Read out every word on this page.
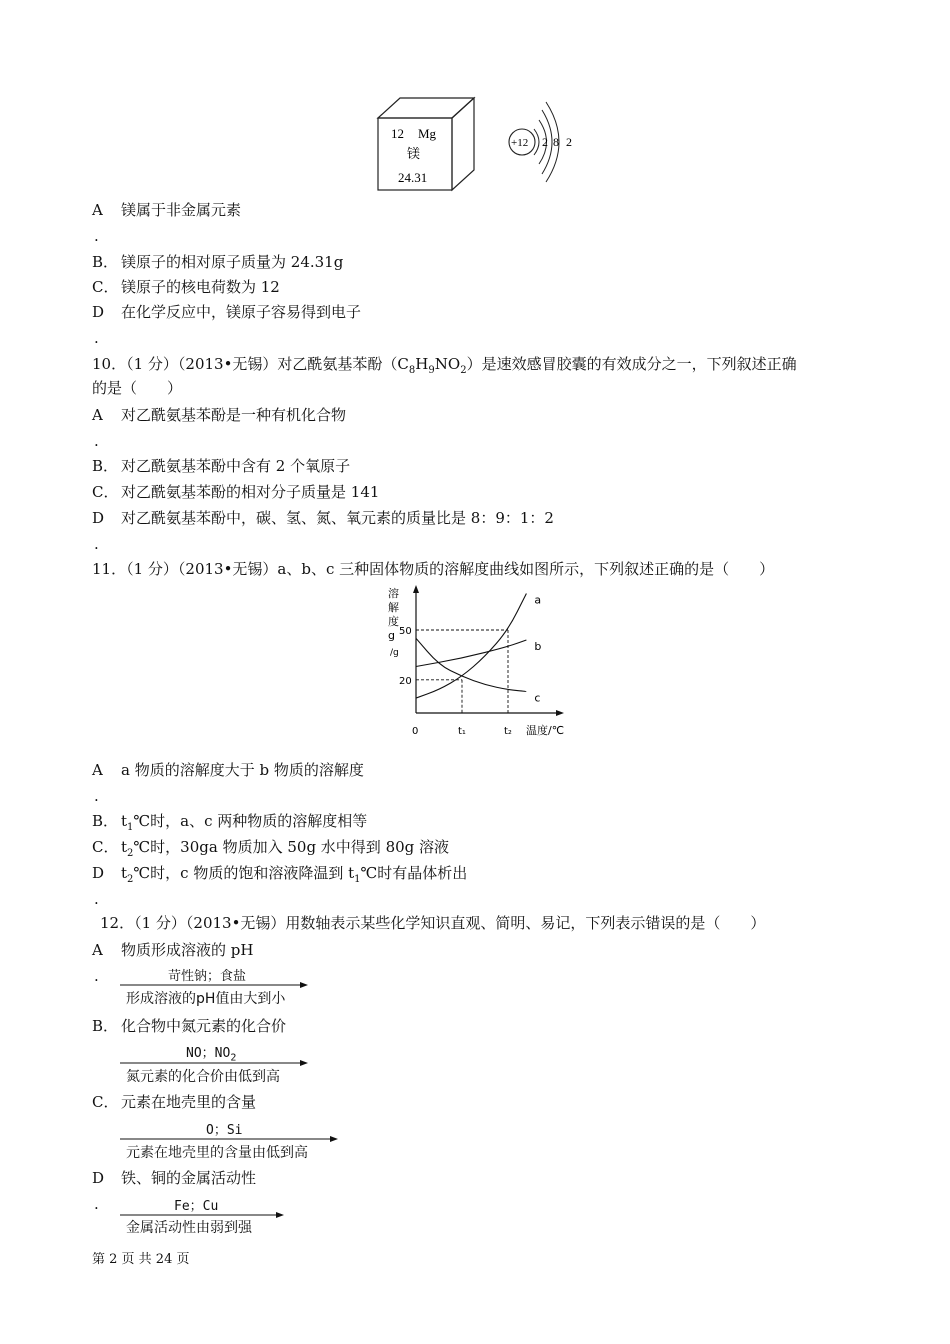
12 Mg
镁
24.31
+12 2 8 2
A 镁属于非金属元素
.
B． 镁原子的相对原子质量为 24.31g
C． 镁原子的核电荷数为 12
D 在化学反应中，镁原子容易得到电子
.
10．（1 分）（2013•无锡）对乙酰氨基苯酚$(C_8H_9NO_2)$是速效感冒胶囊的有效成分之一，下列叙述正确
的是（　　）
A 对乙酰氨基苯酚是一种有机化合物
.
B． 对乙酰氨基苯酚中含有 2 个氧原子
C． 对乙酰氨基苯酚的相对分子质量是 141
D 对乙酰氨基苯酚中，碳、氢、氮、氧元素的质量比是 8：9：1：2
.
11．（1 分）（2013•无锡）a、b、c 三种固体物质的溶解度曲线如图所示，下列叙述正确的是（　　）
溶解度 g /g
a
b
c
0	t₁	t₂
20
50
温度/℃
A a 物质的溶解度大于 b 物质的溶解度
.
B． $t_1℃$时，a、c 两种物质的溶解度相等
C． $t_2℃$时，30ga 物质加入 50g 水中得到 80g 溶液
D $t_2℃$时，c 物质的饱和溶液降温到 $t_1℃$时有晶体析出
.
12．（1 分）（2013•无锡）用数轴表示某些化学知识直观、简明、易记，下列表示错误的是（　　）
A 物质形成溶液的 pH
.	苛性钠；食盐
形成溶液的pH值由大到小
B． 化合物中氮元素的化合价
NO；$NO_2$
氮元素的化合价由低到高
C． 元素在地壳里的含量
O；Si
元素在地壳里的含量由低到高
D 铁、铜的金属活动性
.	Fe；Cu
金属活动性由弱到强
第 2 页 共 24 页
